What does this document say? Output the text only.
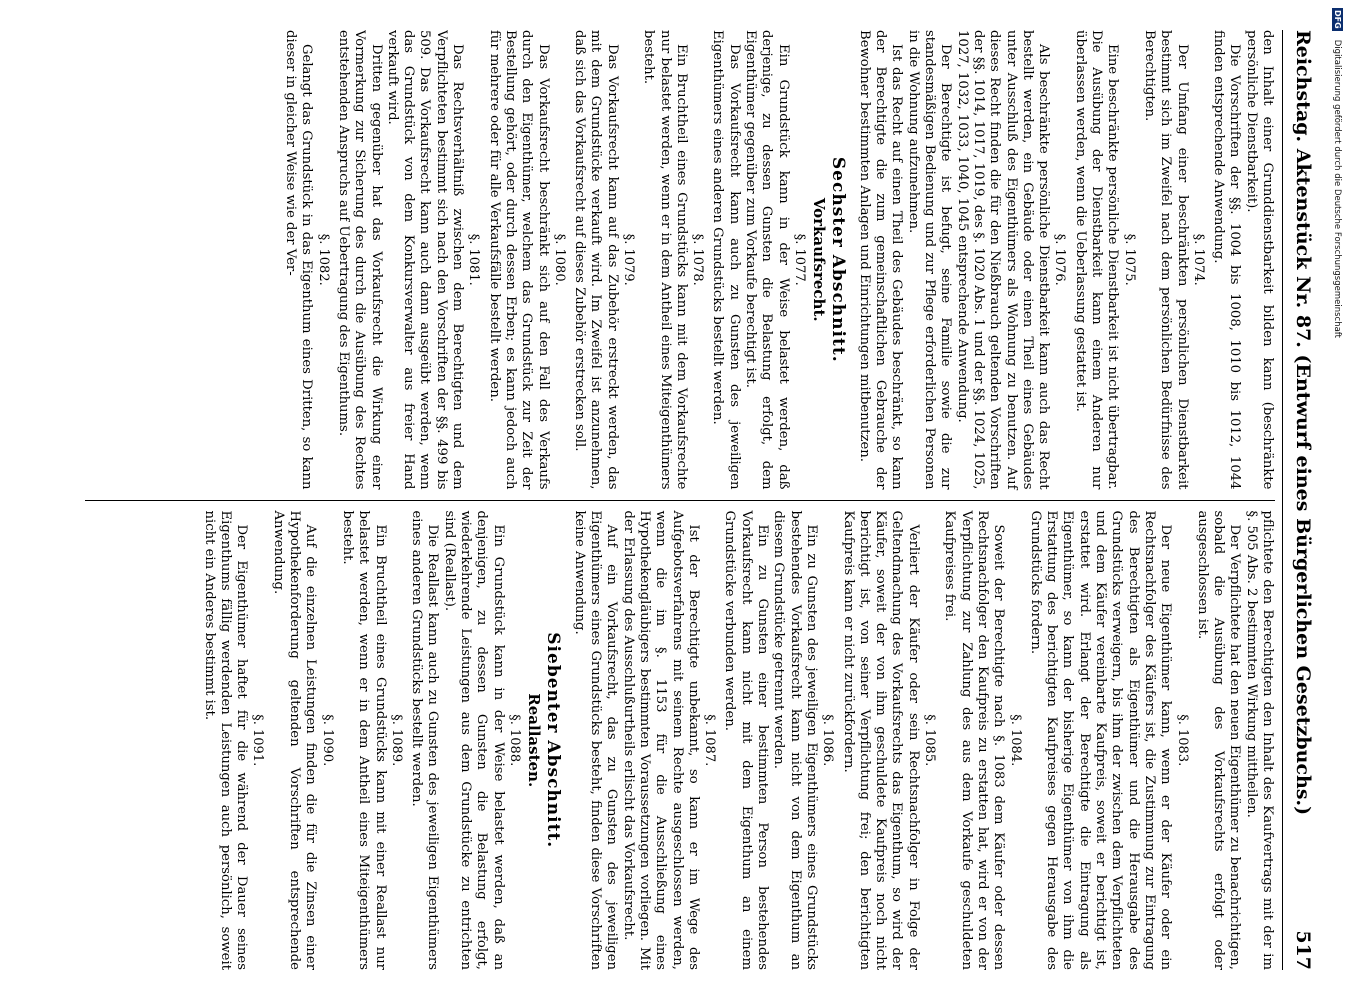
Reichstag. Aktenstück Nr. 87. (Entwurf eines Bürgerlichen Gesetzbuchs.)
517

den Inhalt einer Grunddienstbarkeit bilden kann (beschränkte persönliche Dienstbarkeit).

Die Vorschriften der §§. 1004 bis 1008, 1010 bis 1012, 1044 finden entsprechende Anwendung.

§. 1074.

Der Umfang einer beschränkten persönlichen Dienstbarkeit bestimmt sich im Zweifel nach dem persönlichen Bedürfnisse des Berechtigten.

§. 1075.

Eine beschränkte persönliche Dienstbarkeit ist nicht übertragbar. Die Ausübung der Dienstbarkeit kann einem Anderen nur überlassen werden, wenn die Ueberlassung gestattet ist.

§. 1076.

Als beschränkte persönliche Dienstbarkeit kann auch das Recht bestellt werden, ein Gebäude oder einen Theil eines Gebäudes unter Ausschluß des Eigenthümers als Wohnung zu benutzen. Auf dieses Recht finden die für den Nießbrauch geltenden Vorschriften der §§. 1014, 1017, 1019, des §. 1020 Abs. 1 und der §§. 1024, 1025, 1027, 1032, 1033, 1040, 1045 entsprechende Anwendung.

Der Berechtigte ist befugt, seine Familie sowie die zur standesmäßigen Bedienung und zur Pflege erforderlichen Personen in die Wohnung aufzunehmen.

Ist das Recht auf einen Theil des Gebäudes beschränkt, so kann der Berechtigte die zum gemeinschaftlichen Gebrauche der Bewohner bestimmten Anlagen und Einrichtungen mitbenutzen.

Sechster Abschnitt.
Vorkaufsrecht.
§. 1077.

Ein Grundstück kann in der Weise belastet werden, daß derjenige, zu dessen Gunsten die Belastung erfolgt, dem Eigenthümer gegenüber zum Vorkaufe berechtigt ist.

Das Vorkaufsrecht kann auch zu Gunsten des jeweiligen Eigenthümers eines anderen Grundstücks bestellt werden.

§. 1078.

Ein Bruchtheil eines Grundstücks kann mit dem Vorkaufsrechte nur belastet werden, wenn er in dem Antheil eines Miteigenthümers besteht.

§. 1079.

Das Vorkaufsrecht kann auf das Zubehör erstreckt werden, das mit dem Grundstücke verkauft wird. Im Zweifel ist anzunehmen, daß sich das Vorkaufsrecht auf dieses Zubehör erstrecken soll.

§. 1080.

Das Vorkaufsrecht beschränkt sich auf den Fall des Verkaufs durch den Eigenthümer, welchem das Grundstück zur Zeit der Bestellung gehört, oder durch dessen Erben; es kann jedoch auch für mehrere oder für alle Verkaufsfälle bestellt werden.

§. 1081.

Das Rechtsverhältniß zwischen dem Berechtigten und dem Verpflichteten bestimmt sich nach den Vorschriften der §§. 499 bis 509. Das Vorkaufsrecht kann auch dann ausgeübt werden, wenn das Grundstück von dem Konkursverwalter aus freier Hand verkauft wird.

Dritten gegenüber hat das Vorkaufsrecht die Wirkung einer Vormerkung zur Sicherung des durch die Ausübung des Rechtes entstehenden Anspruchs auf Uebertragung des Eigenthums.

§. 1082.

Gelangt das Grundstück in das Eigenthum eines Dritten, so kann dieser in gleicher Weise wie der Ver-

pflichtete den Berechtigten den Inhalt des Kaufvertrags mit der im §. 505 Abs. 2 bestimmten Wirkung mittheilen.

Der Verpflichtete hat den neuen Eigenthümer zu benachrichtigen, sobald die Ausübung des Vorkaufsrechts erfolgt oder ausgeschlossen ist.

§. 1083.

Der neue Eigenthümer kann, wenn er der Käufer oder ein Rechtsnachfolger des Käufers ist, die Zustimmung zur Eintragung des Berechtigten als Eigenthümer und die Herausgabe des Grundstücks verweigern, bis ihm der zwischen dem Verpflichteten und dem Käufer vereinbarte Kaufpreis, soweit er berichtigt ist, erstattet wird. Erlangt der Berechtigte die Eintragung als Eigenthümer, so kann der bisherige Eigenthümer von ihm die Erstattung des berichtigten Kaufpreises gegen Herausgabe des Grundstücks fordern.

§. 1084.

Soweit der Berechtigte nach §. 1083 dem Käufer oder dessen Rechtsnachfolger den Kaufpreis zu erstatten hat, wird er von der Verpflichtung zur Zahlung des aus dem Vorkaufe geschuldeten Kaufpreises frei.

§. 1085.

Verliert der Käufer oder sein Rechtsnachfolger in Folge der Geltendmachung des Vorkaufsrechts das Eigenthum, so wird der Käufer, soweit der von ihm geschuldete Kaufpreis noch nicht berichtigt ist, von seiner Verpflichtung frei; den berichtigten Kaufpreis kann er nicht zurückfordern.

§. 1086.

Ein zu Gunsten des jeweiligen Eigenthümers eines Grundstücks bestehendes Vorkaufsrecht kann nicht von dem Eigenthum an diesem Grundstücke getrennt werden.

Ein zu Gunsten einer bestimmten Person bestehendes Vorkaufsrecht kann nicht mit dem Eigenthum an einem Grundstücke verbunden werden.

§. 1087.

Ist der Berechtigte unbekannt, so kann er im Wege des Aufgebotsverfahrens mit seinem Rechte ausgeschlossen werden, wenn die im §. 1153 für die Ausschließung eines Hypothekengläubigers bestimmten Voraussetzungen vorliegen. Mit der Erlassung des Ausschlußurtheils erlischt das Vorkaufsrecht.

Auf ein Vorkaufsrecht, das zu Gunsten des jeweiligen Eigenthümers eines Grundstücks besteht, finden diese Vorschriften keine Anwendung.

Siebenter Abschnitt.
Reallasten.
§. 1088.

Ein Grundstück kann in der Weise belastet werden, daß an denjenigen, zu dessen Gunsten die Belastung erfolgt, wiederkehrende Leistungen aus dem Grundstücke zu entrichten sind (Reallast).

Die Reallast kann auch zu Gunsten des jeweiligen Eigenthümers eines anderen Grundstücks bestellt werden.

§. 1089.

Ein Bruchtheil eines Grundstücks kann mit einer Reallast nur belastet werden, wenn er in dem Antheil eines Miteigenthümers besteht.

§. 1090.

Auf die einzelnen Leistungen finden die für die Zinsen einer Hypothekenforderung geltenden Vorschriften entsprechende Anwendung.

§. 1091.

Der Eigenthümer haftet für die während der Dauer seines Eigenthums fällig werdenden Leistungen auch persönlich, soweit nicht ein Anderes bestimmt ist.

DFG Digitalisierung gefördert durch die Deutsche Forschungsgemeinschaft
